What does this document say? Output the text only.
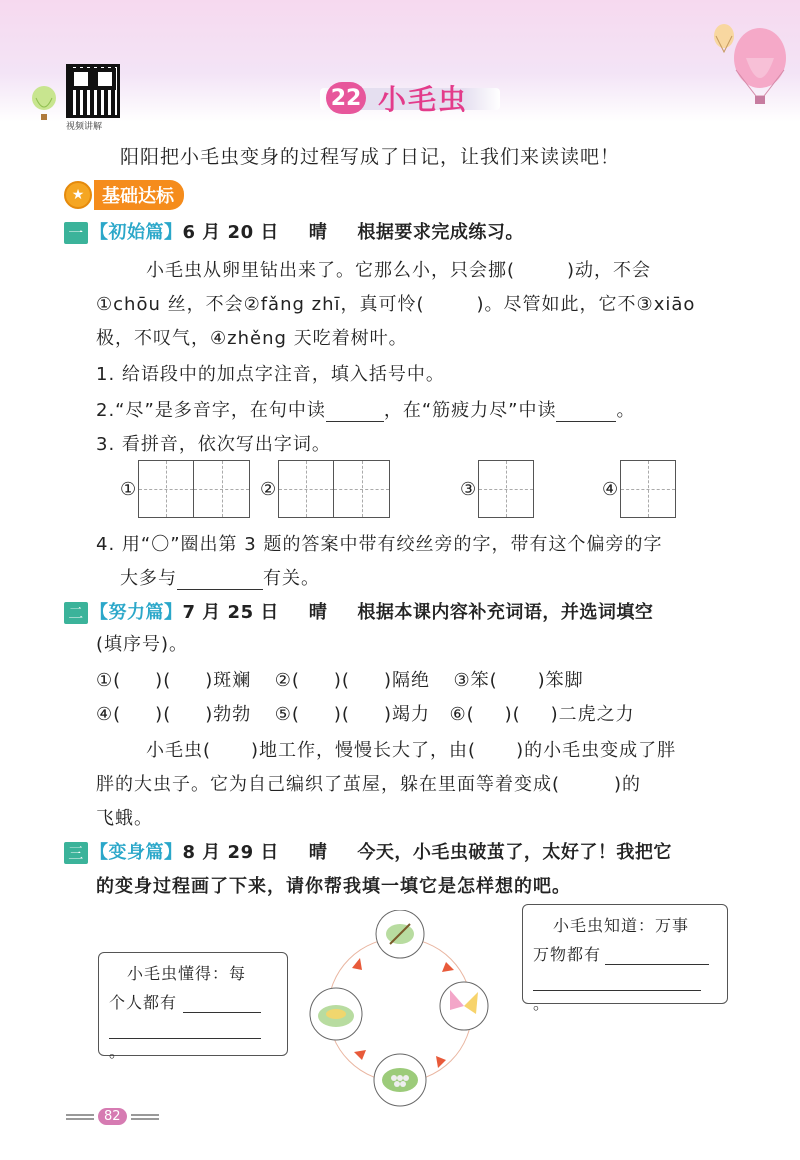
视频讲解
22 小毛虫
阳阳把小毛虫变身的过程写成了日记，让我们来读读吧！
★ 基础达标
一 【初始篇】6 月 20 日 晴 根据要求完成练习。
小毛虫从卵里钻出来了。它那么小，只会挪(	)动，不会
①chōu 丝，不会②fǎng zhī，真可怜(	)。尽管如此，它不③xiāo
极，不叹气，④zhěng 天吃着树叶。
1. 给语段中的加点字注音，填入括号中。
2.“尽”是多音字，在句中读	，在“筋疲力尽”中读	。
3. 看拼音，依次写出字词。
①	②	③	④
4. 用“〇”圈出第 3 题的答案中带有绞丝旁的字，带有这个偏旁的字
大多与	有关。
二 【努力篇】7 月 25 日 晴 根据本课内容补充词语，并选词填空
(填序号)。
①( )( )斑斓 ②( )( )隔绝 ③笨( )笨脚
④( )( )勃勃 ⑤( )( )竭力 ⑥( )( )二虎之力
小毛虫( )地工作，慢慢长大了，由( )的小毛虫变成了胖
胖的大虫子。它为自己编织了茧屋，躲在里面等着变成(	)的
飞蛾。
三 【变身篇】8 月 29 日 晴 今天，小毛虫破茧了，太好了！我把它
的变身过程画了下来，请你帮我填一填它是怎样想的吧。
小毛虫懂得：每
个人都有
。
小毛虫知道：万事
万物都有
。
82
